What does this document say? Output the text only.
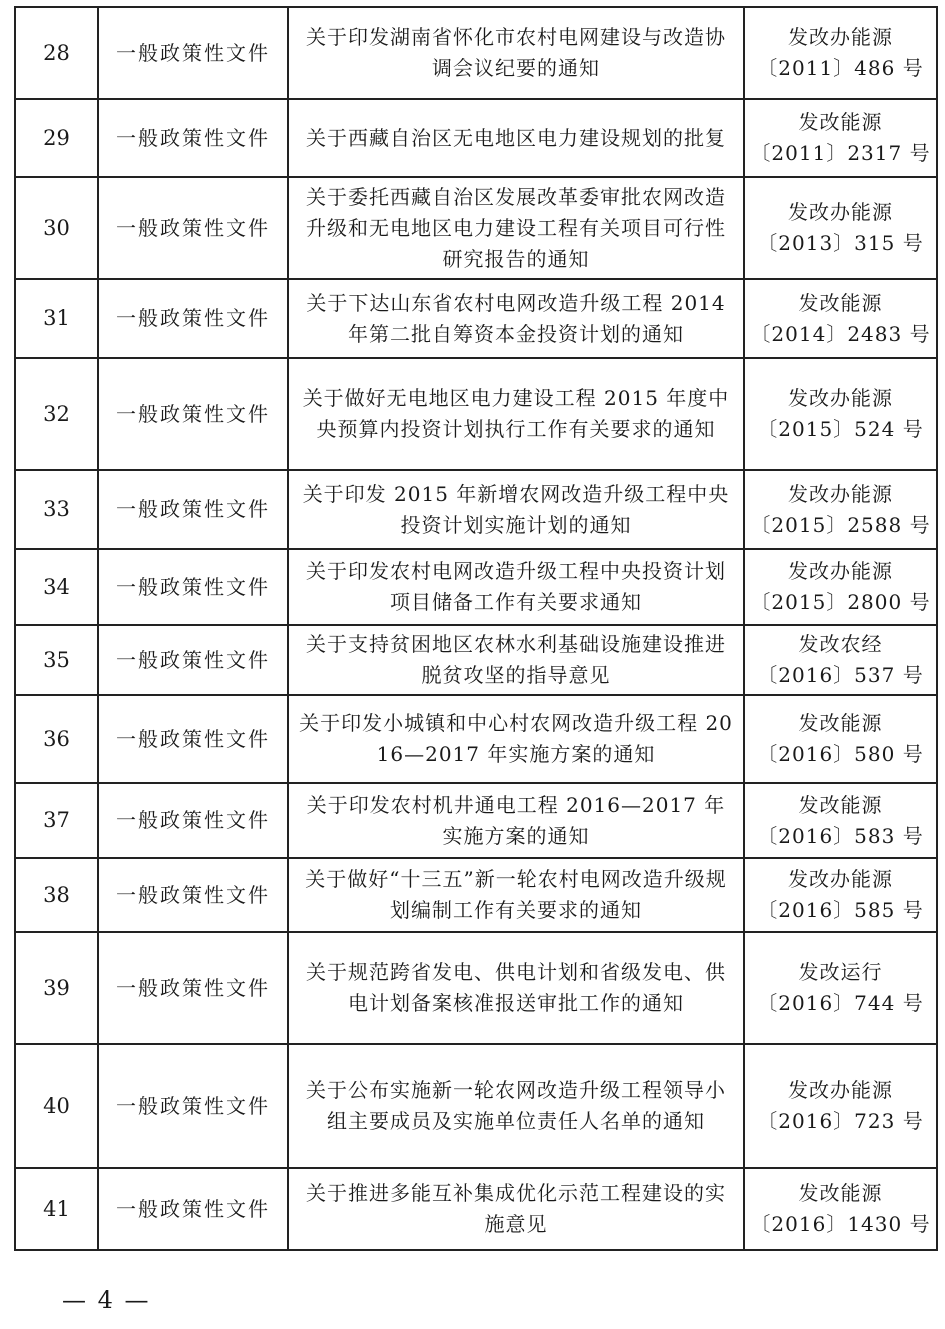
28	一般政策性文件	关于印发湖南省怀化市农村电网建设与改造协调会议纪要的通知	发改办能源
〔2011〕486 号

29	一般政策性文件	关于西藏自治区无电地区电力建设规划的批复	发改能源
〔2011〕2317 号

30	一般政策性文件	关于委托西藏自治区发展改革委审批农网改造升级和无电地区电力建设工程有关项目可行性研究报告的通知	发改办能源
〔2013〕315 号

31	一般政策性文件	关于下达山东省农村电网改造升级工程 2014 年第二批自筹资本金投资计划的通知	发改能源
〔2014〕2483 号

32	一般政策性文件	关于做好无电地区电力建设工程 2015 年度中央预算内投资计划执行工作有关要求的通知	发改办能源
〔2015〕524 号

33	一般政策性文件	关于印发 2015 年新增农网改造升级工程中央投资计划实施计划的通知	发改办能源
〔2015〕2588 号

34	一般政策性文件	关于印发农村电网改造升级工程中央投资计划项目储备工作有关要求通知	发改办能源
〔2015〕2800 号

35	一般政策性文件	关于支持贫困地区农林水利基础设施建设推进脱贫攻坚的指导意见	发改农经
〔2016〕537 号

36	一般政策性文件	关于印发小城镇和中心村农网改造升级工程 2016—2017 年实施方案的通知	发改能源
〔2016〕580 号

37	一般政策性文件	关于印发农村机井通电工程 2016—2017 年实施方案的通知	发改能源
〔2016〕583 号

38	一般政策性文件	关于做好“十三五”新一轮农村电网改造升级规划编制工作有关要求的通知	发改办能源
〔2016〕585 号

39	一般政策性文件	关于规范跨省发电、供电计划和省级发电、供电计划备案核准报送审批工作的通知	发改运行
〔2016〕744 号

40	一般政策性文件	关于公布实施新一轮农网改造升级工程领导小组主要成员及实施单位责任人名单的通知	发改办能源
〔2016〕723 号

41	一般政策性文件	关于推进多能互补集成优化示范工程建设的实施意见	发改能源
〔2016〕1430 号
— 4 —
